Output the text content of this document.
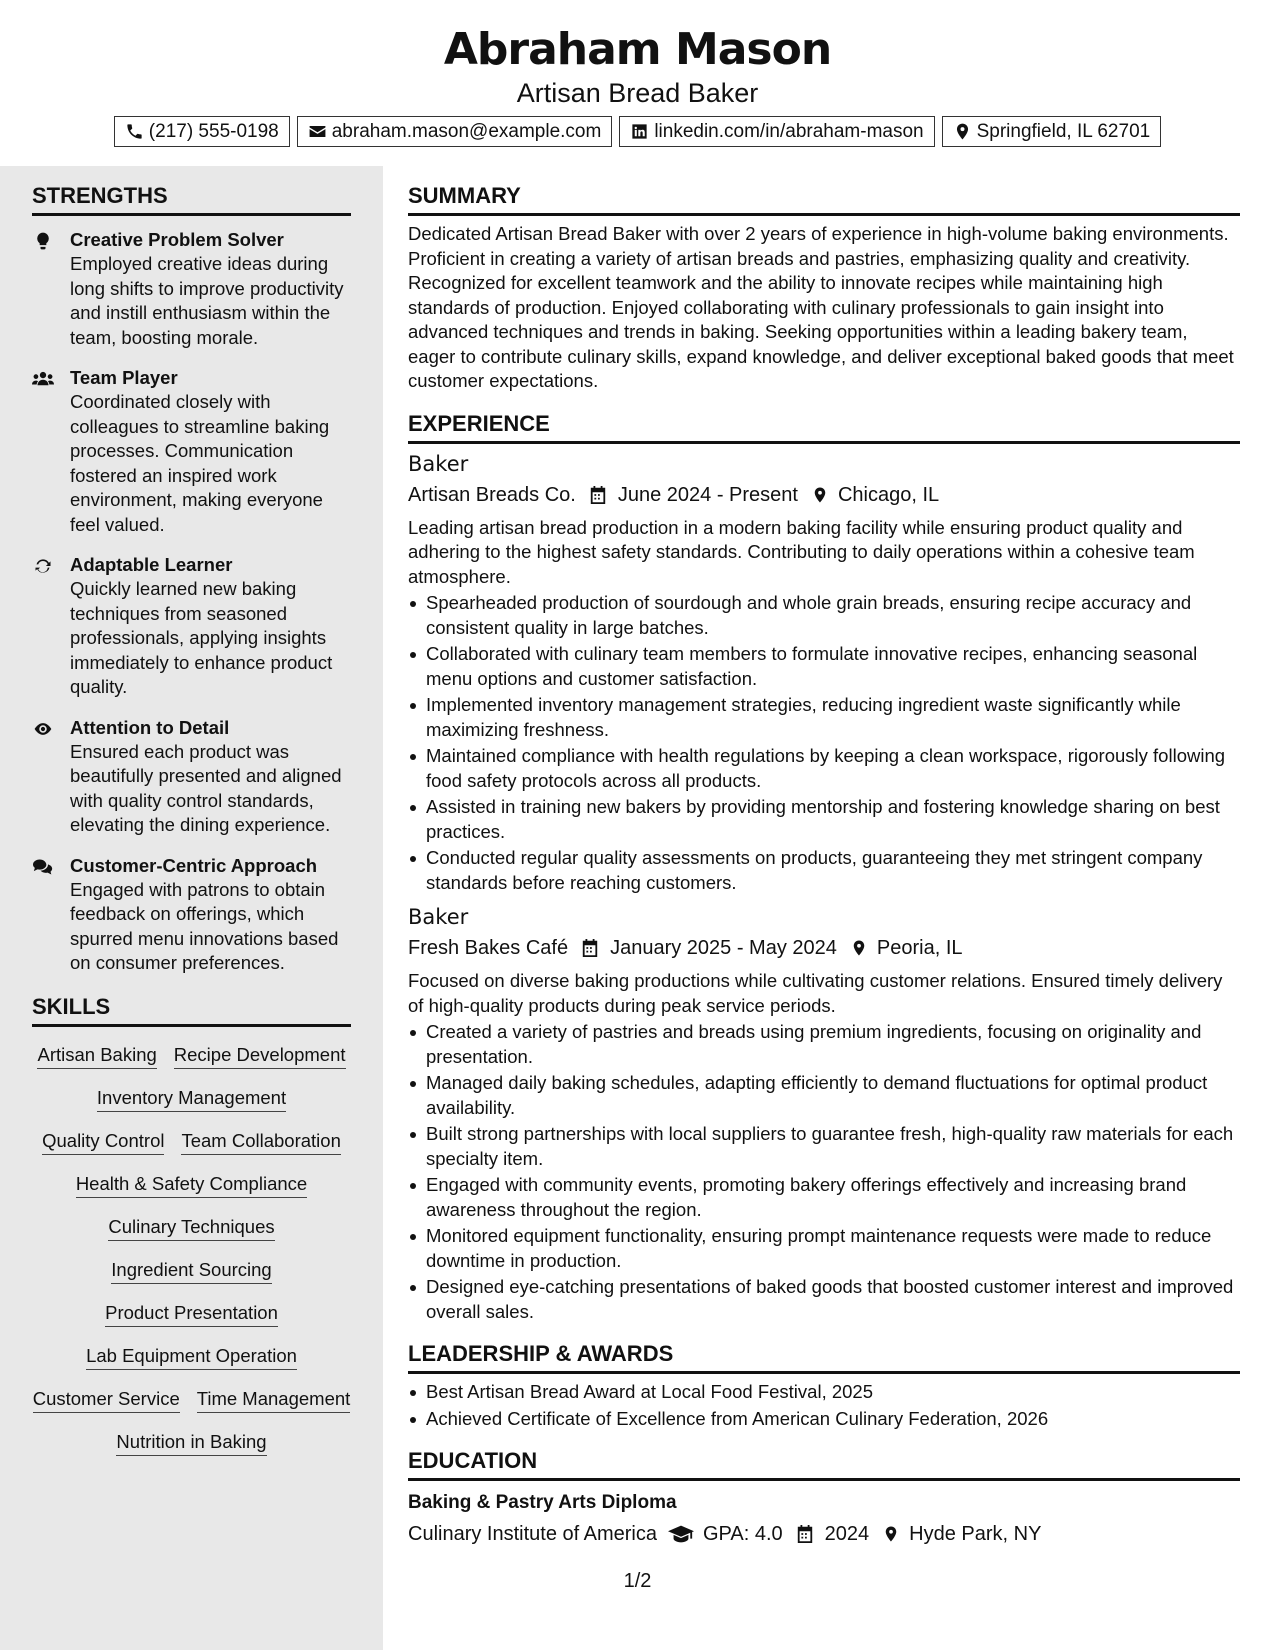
Abraham Mason
Artisan Bread Baker
(217) 555-0198	abraham.mason@example.com	linkedin.com/in/abraham-mason	Springfield, IL 62701
STRENGTHS
Creative Problem Solver
Employed creative ideas during long shifts to improve productivity and instill enthusiasm within the team, boosting morale.
Team Player
Coordinated closely with colleagues to streamline baking processes. Communication fostered an inspired work environment, making everyone feel valued.
Adaptable Learner
Quickly learned new baking techniques from seasoned professionals, applying insights immediately to enhance product quality.
Attention to Detail
Ensured each product was beautifully presented and aligned with quality control standards, elevating the dining experience.
Customer-Centric Approach
Engaged with patrons to obtain feedback on offerings, which spurred menu innovations based on consumer preferences.
SKILLS
Artisan Baking Recipe Development
Inventory Management
Quality Control Team Collaboration
Health & Safety Compliance
Culinary Techniques
Ingredient Sourcing
Product Presentation
Lab Equipment Operation
Customer Service Time Management
Nutrition in Baking
SUMMARY
Dedicated Artisan Bread Baker with over 2 years of experience in high-volume baking environments. Proficient in creating a variety of artisan breads and pastries, emphasizing quality and creativity. Recognized for excellent teamwork and the ability to innovate recipes while maintaining high standards of production. Enjoyed collaborating with culinary professionals to gain insight into advanced techniques and trends in baking. Seeking opportunities within a leading bakery team, eager to contribute culinary skills, expand knowledge, and deliver exceptional baked goods that meet customer expectations.
EXPERIENCE
Baker
Artisan Breads Co. June 2024 - Present Chicago, IL
Leading artisan bread production in a modern baking facility while ensuring product quality and adhering to the highest safety standards. Contributing to daily operations within a cohesive team atmosphere.
Spearheaded production of sourdough and whole grain breads, ensuring recipe accuracy and consistent quality in large batches.
Collaborated with culinary team members to formulate innovative recipes, enhancing seasonal menu options and customer satisfaction.
Implemented inventory management strategies, reducing ingredient waste significantly while maximizing freshness.
Maintained compliance with health regulations by keeping a clean workspace, rigorously following food safety protocols across all products.
Assisted in training new bakers by providing mentorship and fostering knowledge sharing on best practices.
Conducted regular quality assessments on products, guaranteeing they met stringent company standards before reaching customers.
Baker
Fresh Bakes Café January 2025 - May 2024 Peoria, IL
Focused on diverse baking productions while cultivating customer relations. Ensured timely delivery of high-quality products during peak service periods.
Created a variety of pastries and breads using premium ingredients, focusing on originality and presentation.
Managed daily baking schedules, adapting efficiently to demand fluctuations for optimal product availability.
Built strong partnerships with local suppliers to guarantee fresh, high-quality raw materials for each specialty item.
Engaged with community events, promoting bakery offerings effectively and increasing brand awareness throughout the region.
Monitored equipment functionality, ensuring prompt maintenance requests were made to reduce downtime in production.
Designed eye-catching presentations of baked goods that boosted customer interest and improved overall sales.
LEADERSHIP & AWARDS
Best Artisan Bread Award at Local Food Festival, 2025
Achieved Certificate of Excellence from American Culinary Federation, 2026
EDUCATION
Baking & Pastry Arts Diploma
Culinary Institute of America GPA: 4.0 2024 Hyde Park, NY
1/2
